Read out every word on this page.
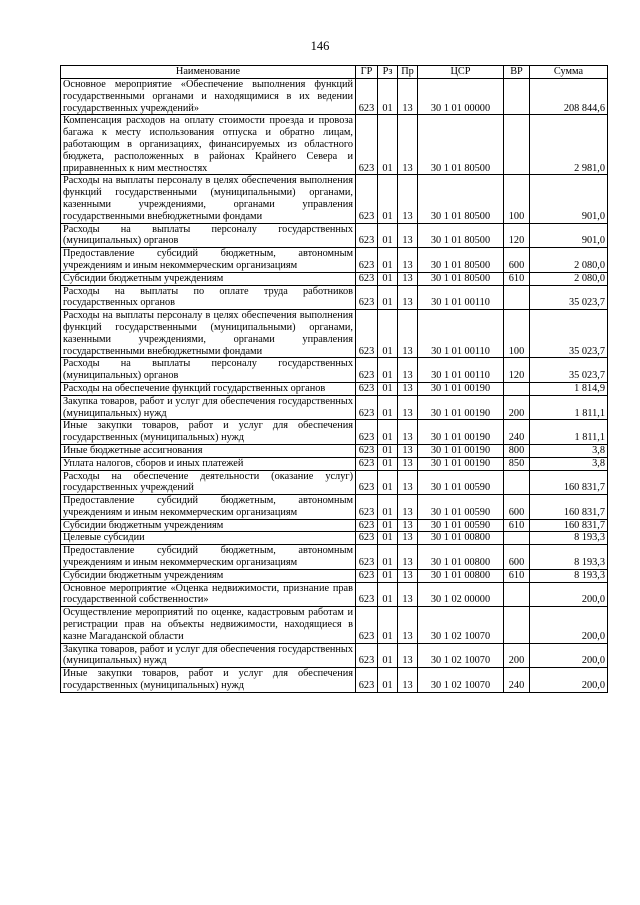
146
Наименование	ГР	Рз	Пр	ЦСР	ВР	Сумма
Основное мероприятие «Обеспечение выполнения функций государственными органами и находящимися в их ведении государственных учреждений»	623	01	13	30 1 01 00000		208 844,6
Компенсация расходов на оплату стоимости проезда и провоза багажа к месту использования отпуска и обратно лицам, работающим в организациях, финансируемых из областного бюджета, расположенных в районах Крайнего Севера и приравненных к ним местностях	623	01	13	30 1 01 80500		2 981,0
Расходы на выплаты персоналу в целях обеспечения выполнения функций государственными (муниципальными) органами, казенными учреждениями, органами управления государственными внебюджетными фондами	623	01	13	30 1 01 80500	100	901,0
Расходы на выплаты персоналу государственных (муниципальных) органов	623	01	13	30 1 01 80500	120	901,0
Предоставление субсидий бюджетным, автономным учреждениям и иным некоммерческим организациям	623	01	13	30 1 01 80500	600	2 080,0
Субсидии бюджетным учреждениям	623	01	13	30 1 01 80500	610	2 080,0
Расходы на выплаты по оплате труда работников государственных органов	623	01	13	30 1 01 00110		35 023,7
Расходы на выплаты персоналу в целях обеспечения выполнения функций государственными (муниципальными) органами, казенными учреждениями, органами управления государственными внебюджетными фондами	623	01	13	30 1 01 00110	100	35 023,7
Расходы на выплаты персоналу государственных (муниципальных) органов	623	01	13	30 1 01 00110	120	35 023,7
Расходы на обеспечение функций государственных органов	623	01	13	30 1 01 00190		1 814,9
Закупка товаров, работ и услуг для обеспечения государственных (муниципальных) нужд	623	01	13	30 1 01 00190	200	1 811,1
Иные закупки товаров, работ и услуг для обеспечения государственных (муниципальных) нужд	623	01	13	30 1 01 00190	240	1 811,1
Иные бюджетные ассигнования	623	01	13	30 1 01 00190	800	3,8
Уплата налогов, сборов и иных платежей	623	01	13	30 1 01 00190	850	3,8
Расходы на обеспечение деятельности (оказание услуг) государственных учреждений	623	01	13	30 1 01 00590		160 831,7
Предоставление субсидий бюджетным, автономным учреждениям и иным некоммерческим организациям	623	01	13	30 1 01 00590	600	160 831,7
Субсидии бюджетным учреждениям	623	01	13	30 1 01 00590	610	160 831,7
Целевые субсидии	623	01	13	30 1 01 00800		8 193,3
Предоставление субсидий бюджетным, автономным учреждениям и иным некоммерческим организациям	623	01	13	30 1 01 00800	600	8 193,3
Субсидии бюджетным учреждениям	623	01	13	30 1 01 00800	610	8 193,3
Основное мероприятие «Оценка недвижимости, признание прав государственной собственности»	623	01	13	30 1 02 00000		200,0
Осуществление мероприятий по оценке, кадастровым работам и регистрации прав на объекты недвижимости, находящиеся в казне Магаданской области	623	01	13	30 1 02 10070		200,0
Закупка товаров, работ и услуг для обеспечения государственных (муниципальных) нужд	623	01	13	30 1 02 10070	200	200,0
Иные закупки товаров, работ и услуг для обеспечения государственных (муниципальных) нужд	623	01	13	30 1 02 10070	240	200,0
